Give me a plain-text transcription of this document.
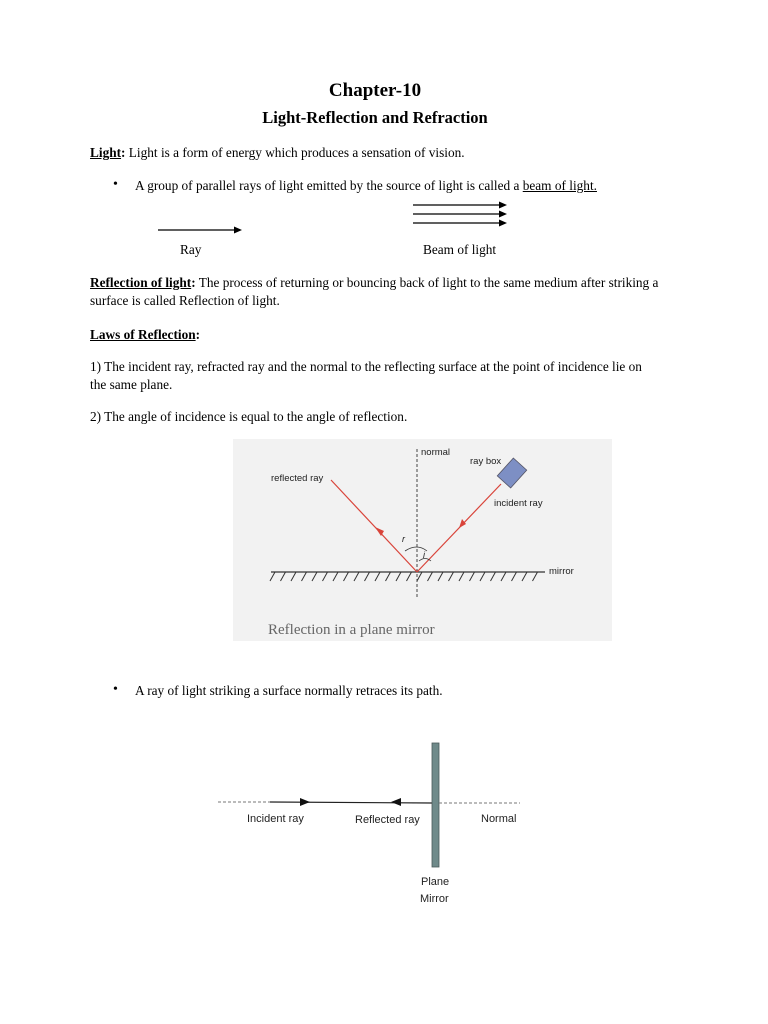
Chapter-10
Light-Reflection and Refraction
Light: Light is a form of energy which produces a sensation of vision.
• A group of parallel rays of light emitted by the source of light is called a beam of light.
Ray	Beam of light
Reflection of light: The process of returning or bouncing back of light to the same medium after striking a surface is called Reflection of light.
Laws of Reflection:
1) The incident ray, refracted ray and the normal to the reflecting surface at the point of incidence lie on the same plane.
2) The angle of incidence is equal to the angle of reflection.
normal
ray box
reflected ray
incident ray
mirror
r
i
Reflection in a plane mirror
• A ray of light striking a surface normally retraces its path.
Incident ray	Reflected ray	Normal
Plane
Mirror
